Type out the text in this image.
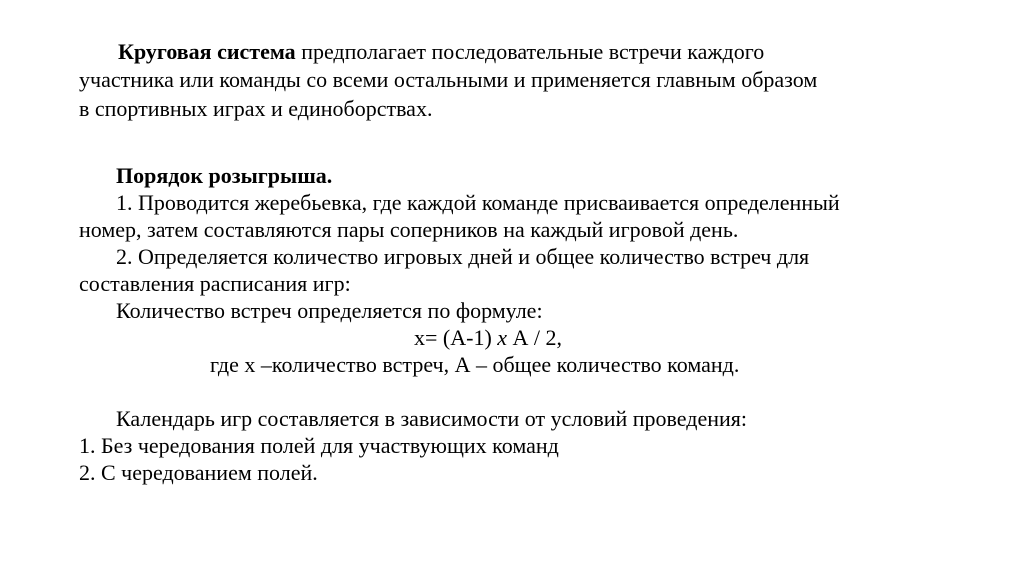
Круговая система предполагает последовательные встречи каждого
участника или команды со всеми остальными и применяется главным образом
в спортивных играх и единоборствах.
Порядок розыгрыша.
1. Проводится жеребьевка, где каждой команде присваивается определенный
номер, затем составляются пары соперников на каждый игровой день.
2. Определяется количество игровых дней и общее количество встреч для
составления расписания игр:
Количество встреч определяется по формуле:
x= (А-1) x А / 2,
где x –количество встреч, А – общее количество команд.
Календарь игр составляется в зависимости от условий проведения:
1. Без чередования полей для участвующих команд
2. С чередованием полей.
